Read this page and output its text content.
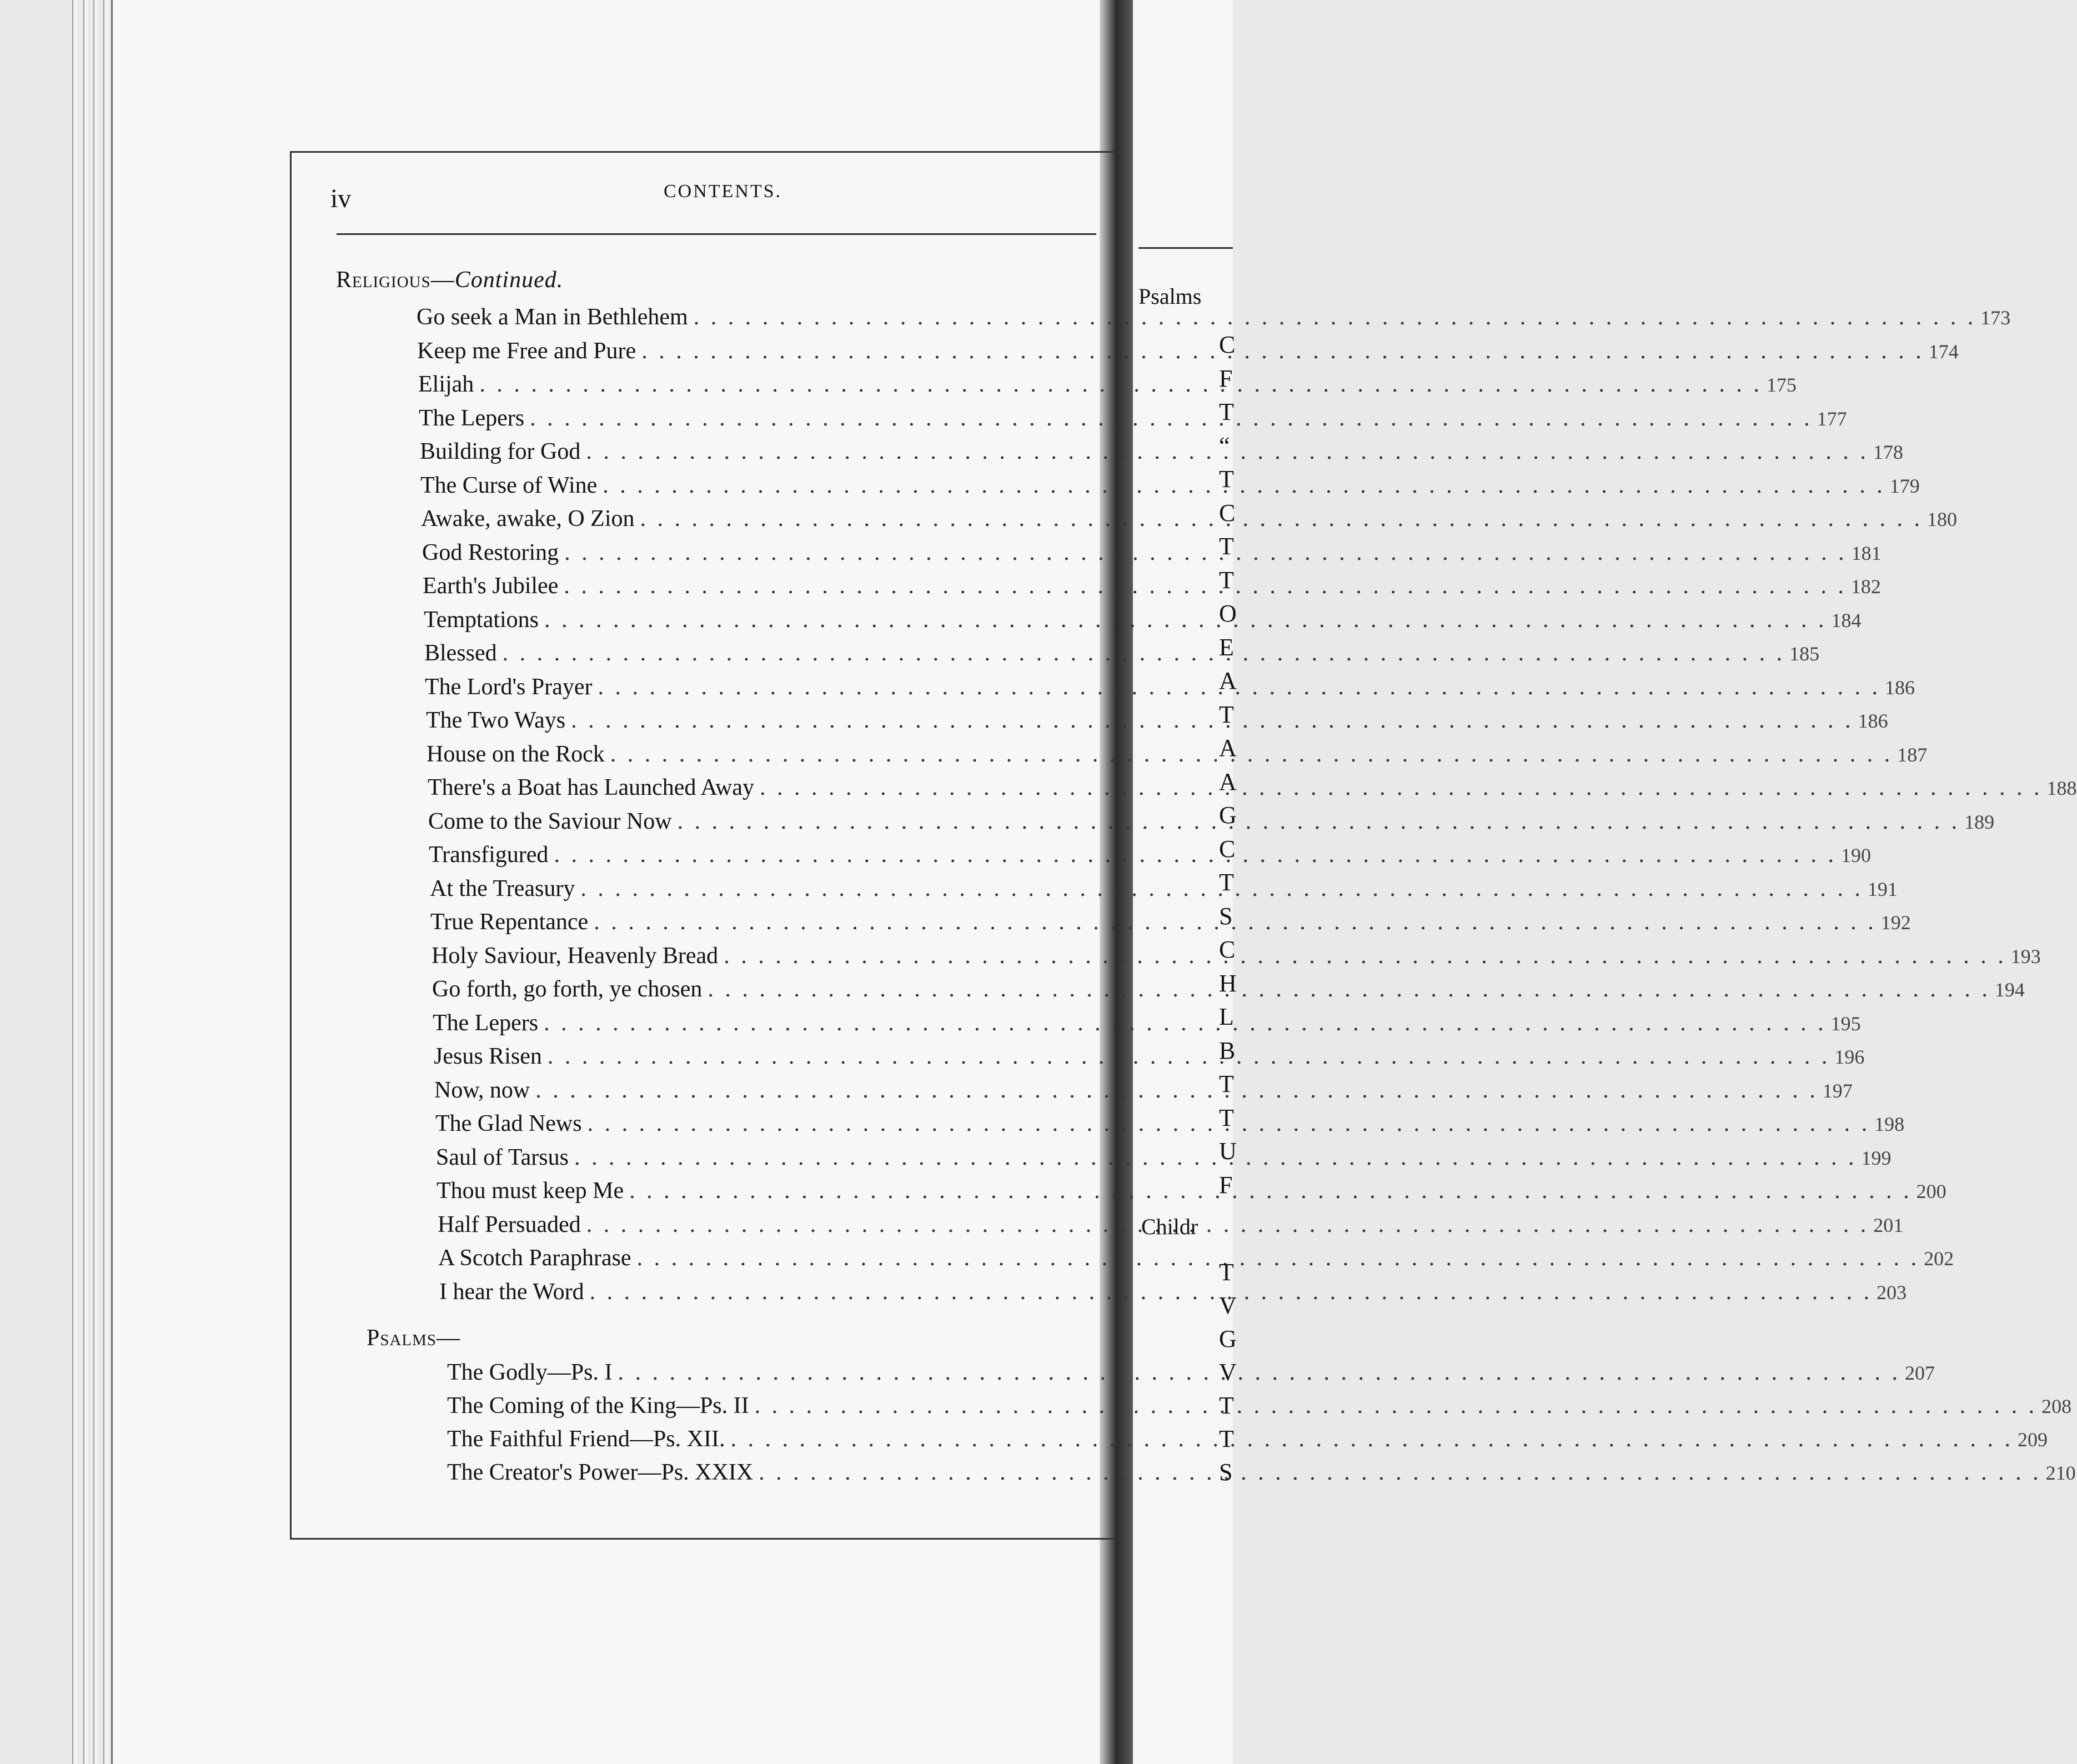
iv	CONTENTS.
Religious—Continued.
Psalms—
Go seek a Man in Bethlehem . . .	173
Keep me Free and Pure . . .	174
Elijah . . .	175
The Lepers . . .	177
Building for God . . .	178
The Curse of Wine . . .	179
Awake, awake, O Zion . . .	180
God Restoring . . .	181
Earth's Jubilee . . .	182
Temptations . . .	184
Blessed . . .	185
The Lord's Prayer . . .	186
The Two Ways . . .	186
House on the Rock . . .	187
There's a Boat has Launched Away . . .	188
Come to the Saviour Now . . .	189
Transfigured . . .	190
At the Treasury . . .	191
True Repentance . . .	192
Holy Saviour, Heavenly Bread . . .	193
Go forth, go forth, ye chosen . . .	194
The Lepers . . .	195
Jesus Risen . . .	196
Now, now . . .	197
The Glad News . . .	198
Saul of Tarsus . . .	199
Thou must keep Me . . .	200
Half Persuaded . . .	201
A Scotch Paraphrase . . .	202
I hear the Word . . .	203
The Godly—Ps. I . . .	207
The Coming of the King—Ps. II . . .	208
The Faithful Friend—Ps. XII. . . .	209
The Creator's Power—Ps. XXIX . . .	210
Psalms
Childr
C
F
T
“
T
C
T
T
O
E
A
T
A
A
G
C
T
S
C
H
L
B
T
T
U
F
T
V
G
V
T
T
S
